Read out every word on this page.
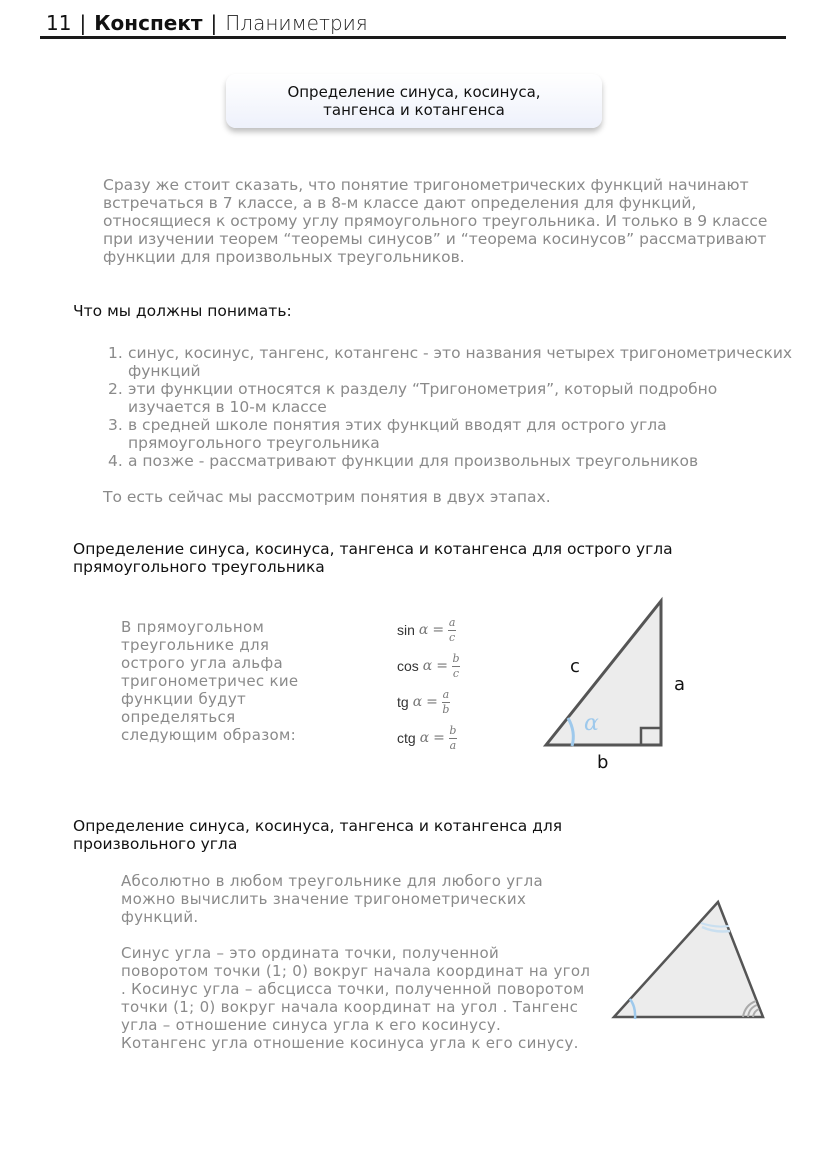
11 | Конспект | Планиметрия
Определение синуса, косинуса,
тангенса и котангенса

Сразу же стоит сказать, что понятие тригонометрических функций начинают встречаться в 7 классе, а в 8-м классе дают определения для функций, относящиеся к острому углу прямоугольного треугольника. И только в 9 классе при изучении теорем “теоремы синусов” и “теорема косинусов” рассматривают функции для произвольных треугольников.

Что мы должны понимать:
1. синус, косинус, тангенс, котангенс - это названия четырех тригонометрических функций
2. эти функции относятся к разделу “Тригонометрия”, который подробно изучается в 10-м классе
3. в средней школе понятия этих функций вводят для острого угла прямоугольного треугольника
4. а позже - рассматривают функции для произвольных треугольников
То есть сейчас мы рассмотрим понятия в двух этапах.
Определение синуса, косинуса, тангенса и котангенса для острого угла прямоугольного треугольника
В прямоугольном треугольнике для острого угла альфа тригонометричес кие функции будут определяться следующим образом:
$\sin \alpha = \frac{a}{c}$
$\cos \alpha = \frac{b}{c}$
tg $\alpha = \frac{a}{b}$
ctg $\alpha = \frac{b}{a}$
α
c
a
b
Определение синуса, косинуса, тангенса и котангенса для произвольного угла
Абсолютно в любом треугольнике для любого угла можно вычислить значение тригонометрических функций.
Синус угла – это ордината точки, полученной поворотом точки (1; 0) вокруг начала координат на угол . Косинус угла – абсцисса точки, полученной поворотом точки (1; 0) вокруг начала координат на угол . Тангенс угла – отношение синуса угла к его косинусу. Котангенс угла отношение косинуса угла к его синусу.
